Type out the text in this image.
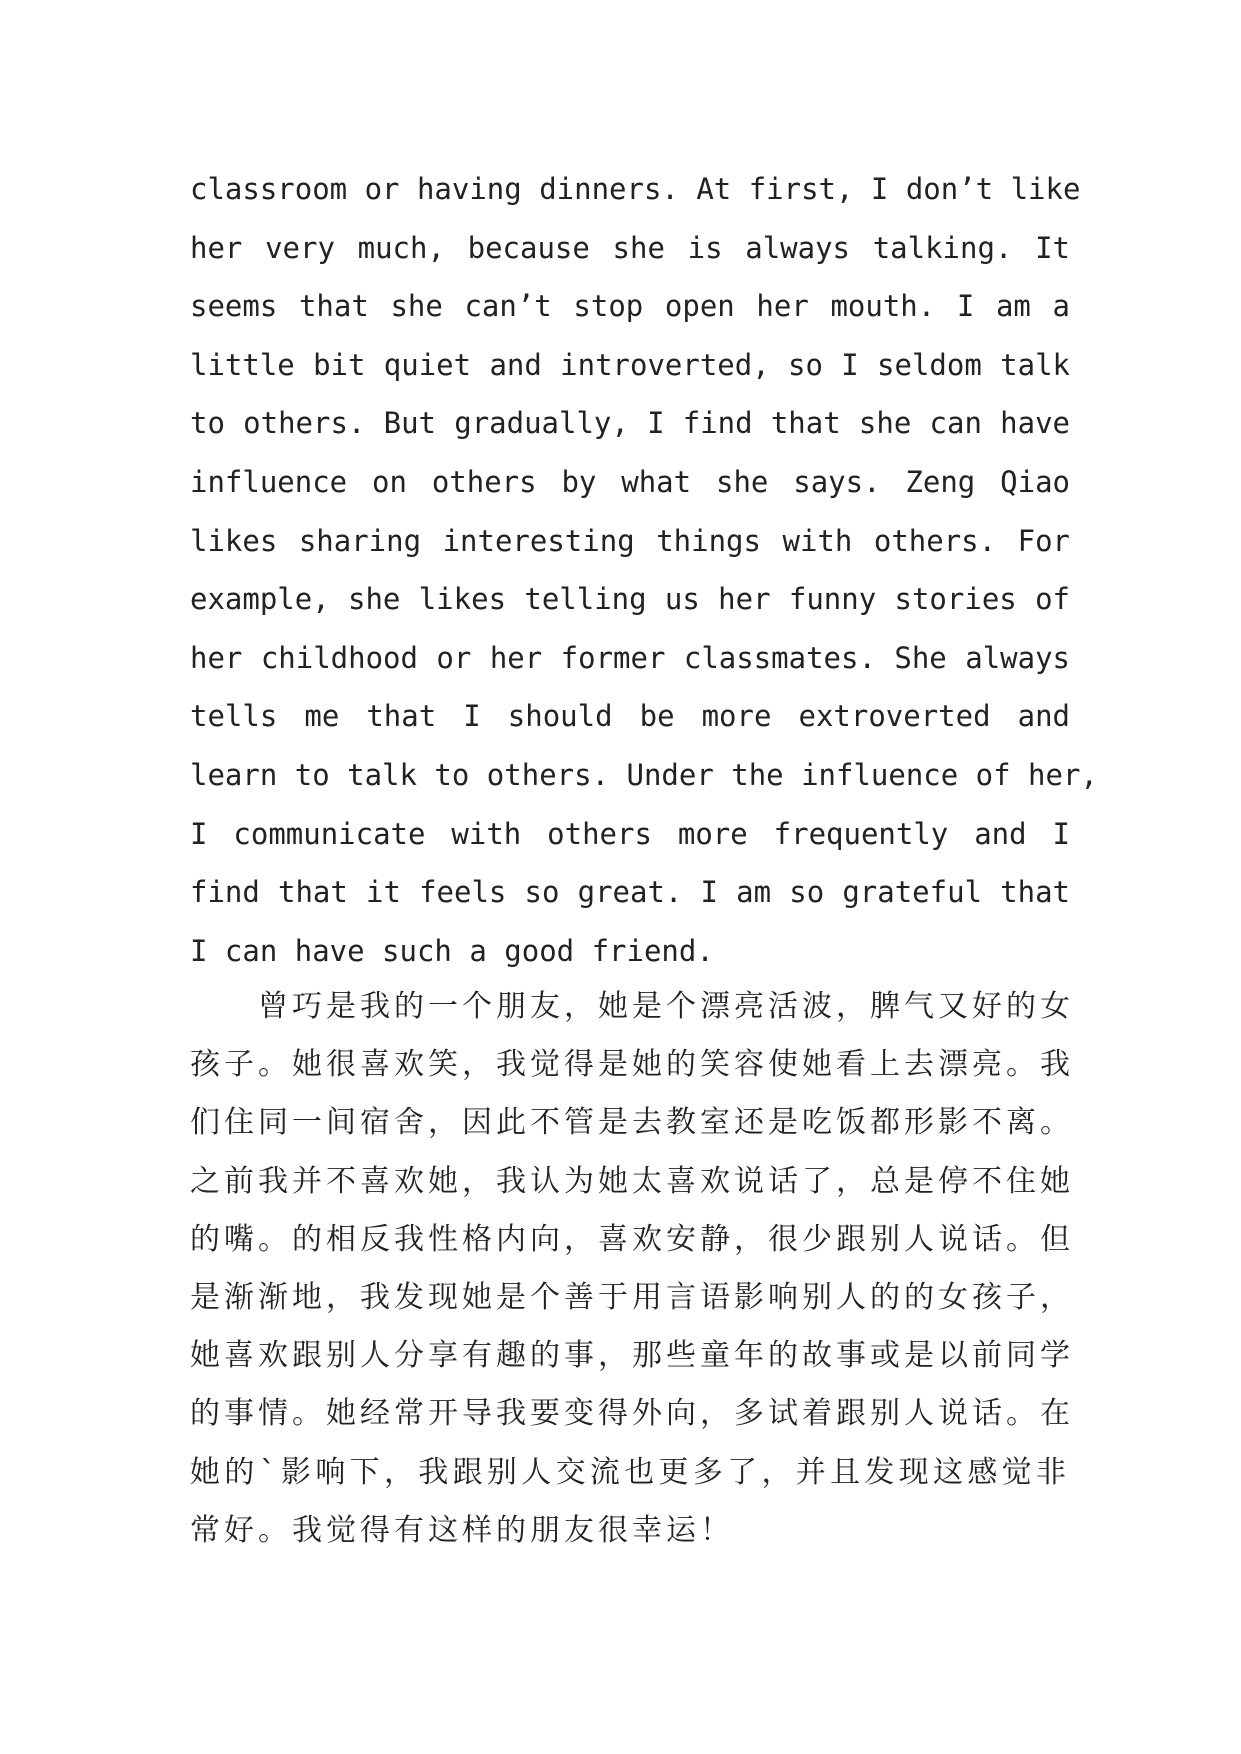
classroom or having dinners. At first, I don’t like
her very much, because she is always talking. It
seems that she can’t stop open her mouth. I am a
little bit quiet and introverted, so I seldom talk
to others. But gradually, I find that she can have
influence on others by what she says. Zeng Qiao
likes sharing interesting things with others. For
example, she likes telling us her funny stories of
her childhood or her former classmates. She always
tells me that I should be more extroverted and
learn to talk to others. Under the influence of her,
I communicate with others more frequently and I
find that it feels so great. I am so grateful that
I can have such a good friend.
曾巧是我的一个朋友，她是个漂亮活波，脾气又好的女
孩子。她很喜欢笑，我觉得是她的笑容使她看上去漂亮。我
们住同一间宿舍，因此不管是去教室还是吃饭都形影不离。
之前我并不喜欢她，我认为她太喜欢说话了，总是停不住她
的嘴。的相反我性格内向，喜欢安静，很少跟别人说话。但
是渐渐地，我发现她是个善于用言语影响别人的的女孩子，
她喜欢跟别人分享有趣的事，那些童年的故事或是以前同学
的事情。她经常开导我要变得外向，多试着跟别人说话。在
她的`影响下，我跟别人交流也更多了，并且发现这感觉非
常好。我觉得有这样的朋友很幸运！
